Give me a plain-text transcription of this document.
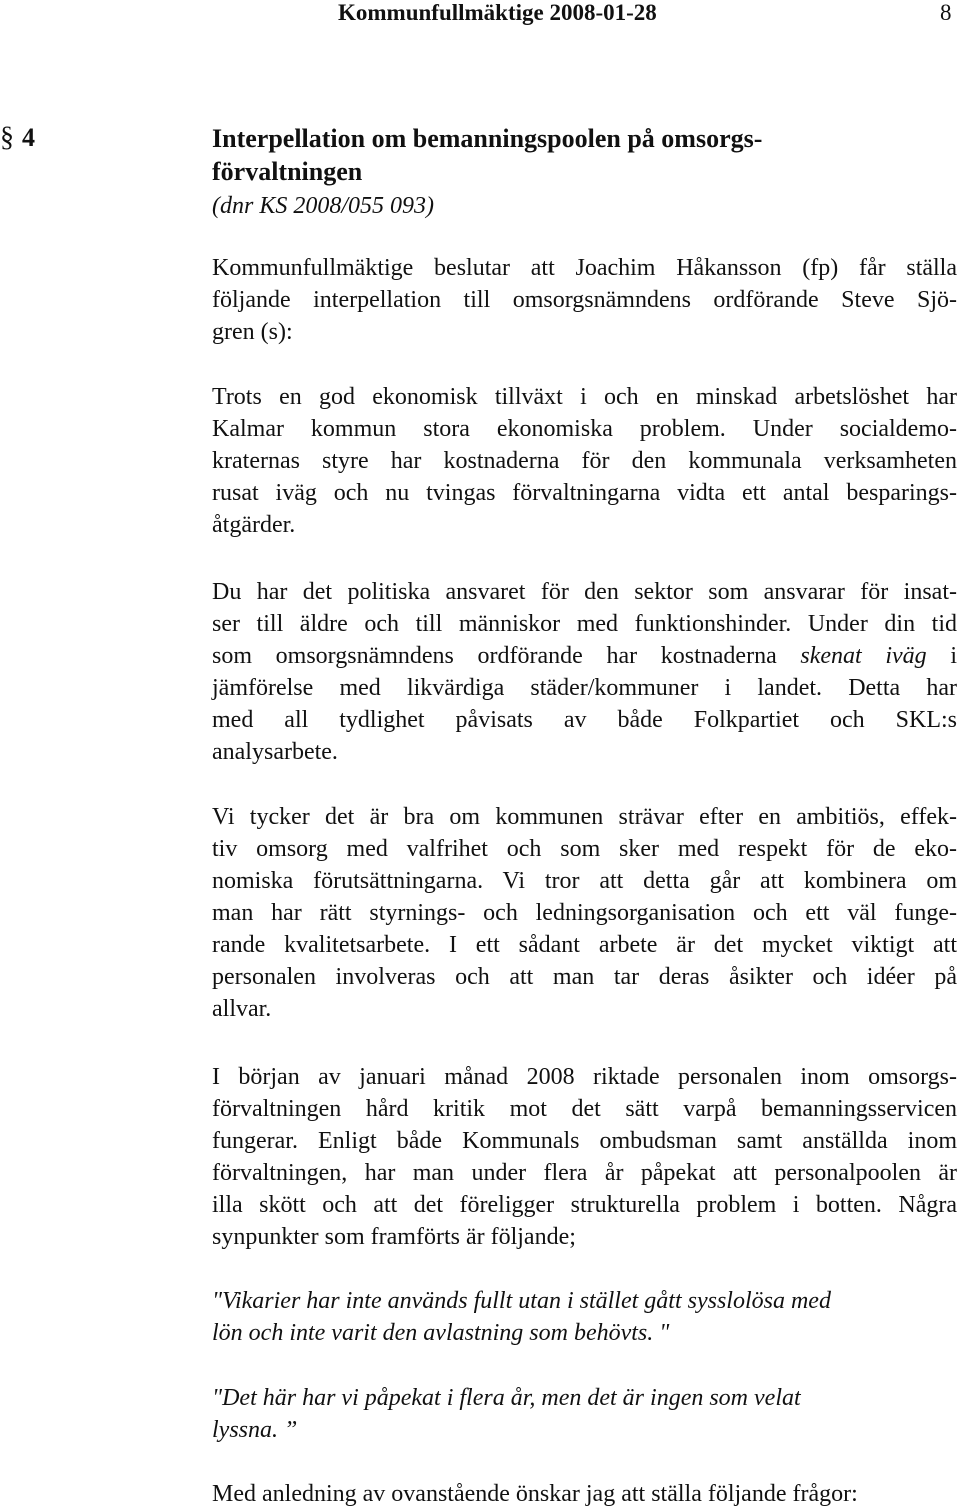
Kommunfullmäktige 2008-01-28	8
§ 4	Interpellation om bemanningspoolen på omsorgs-
förvaltningen
(dnr KS 2008/055 093)
Kommunfullmäktige beslutar att Joachim Håkansson (fp) får ställa
följande interpellation till omsorgsnämndens ordförande Steve Sjö-
gren (s):
Trots en god ekonomisk tillväxt i och en minskad arbetslöshet har
Kalmar kommun stora ekonomiska problem. Under socialdemo-
kraternas styre har kostnaderna för den kommunala verksamheten
rusat iväg och nu tvingas förvaltningarna vidta ett antal besparings-
åtgärder.
Du har det politiska ansvaret för den sektor som ansvarar för insat-
ser till äldre och till människor med funktionshinder. Under din tid
som omsorgsnämndens ordförande har kostnaderna skenat iväg i
jämförelse med likvärdiga städer/kommuner i landet. Detta har
med all tydlighet påvisats av både Folkpartiet och SKL:s
analysarbete.
Vi tycker det är bra om kommunen strävar efter en ambitiös, effek-
tiv omsorg med valfrihet och som sker med respekt för de eko-
nomiska förutsättningarna. Vi tror att detta går att kombinera om
man har rätt styrnings- och ledningsorganisation och ett väl funge-
rande kvalitetsarbete. I ett sådant arbete är det mycket viktigt att
personalen involveras och att man tar deras åsikter och idéer på
allvar.
I början av januari månad 2008 riktade personalen inom omsorgs-
förvaltningen hård kritik mot det sätt varpå bemanningsservicen
fungerar. Enligt både Kommunals ombudsman samt anställda inom
förvaltningen, har man under flera år påpekat att personalpoolen är
illa skött och att det föreligger strukturella problem i botten. Några
synpunkter som framförts är följande;
"Vikarier har inte används fullt utan i stället gått sysslolösa med
lön och inte varit den avlastning som behövts. "
"Det här har vi påpekat i flera år, men det är ingen som velat
lyssna. ”
Med anledning av ovanstående önskar jag att ställa följande frågor:
